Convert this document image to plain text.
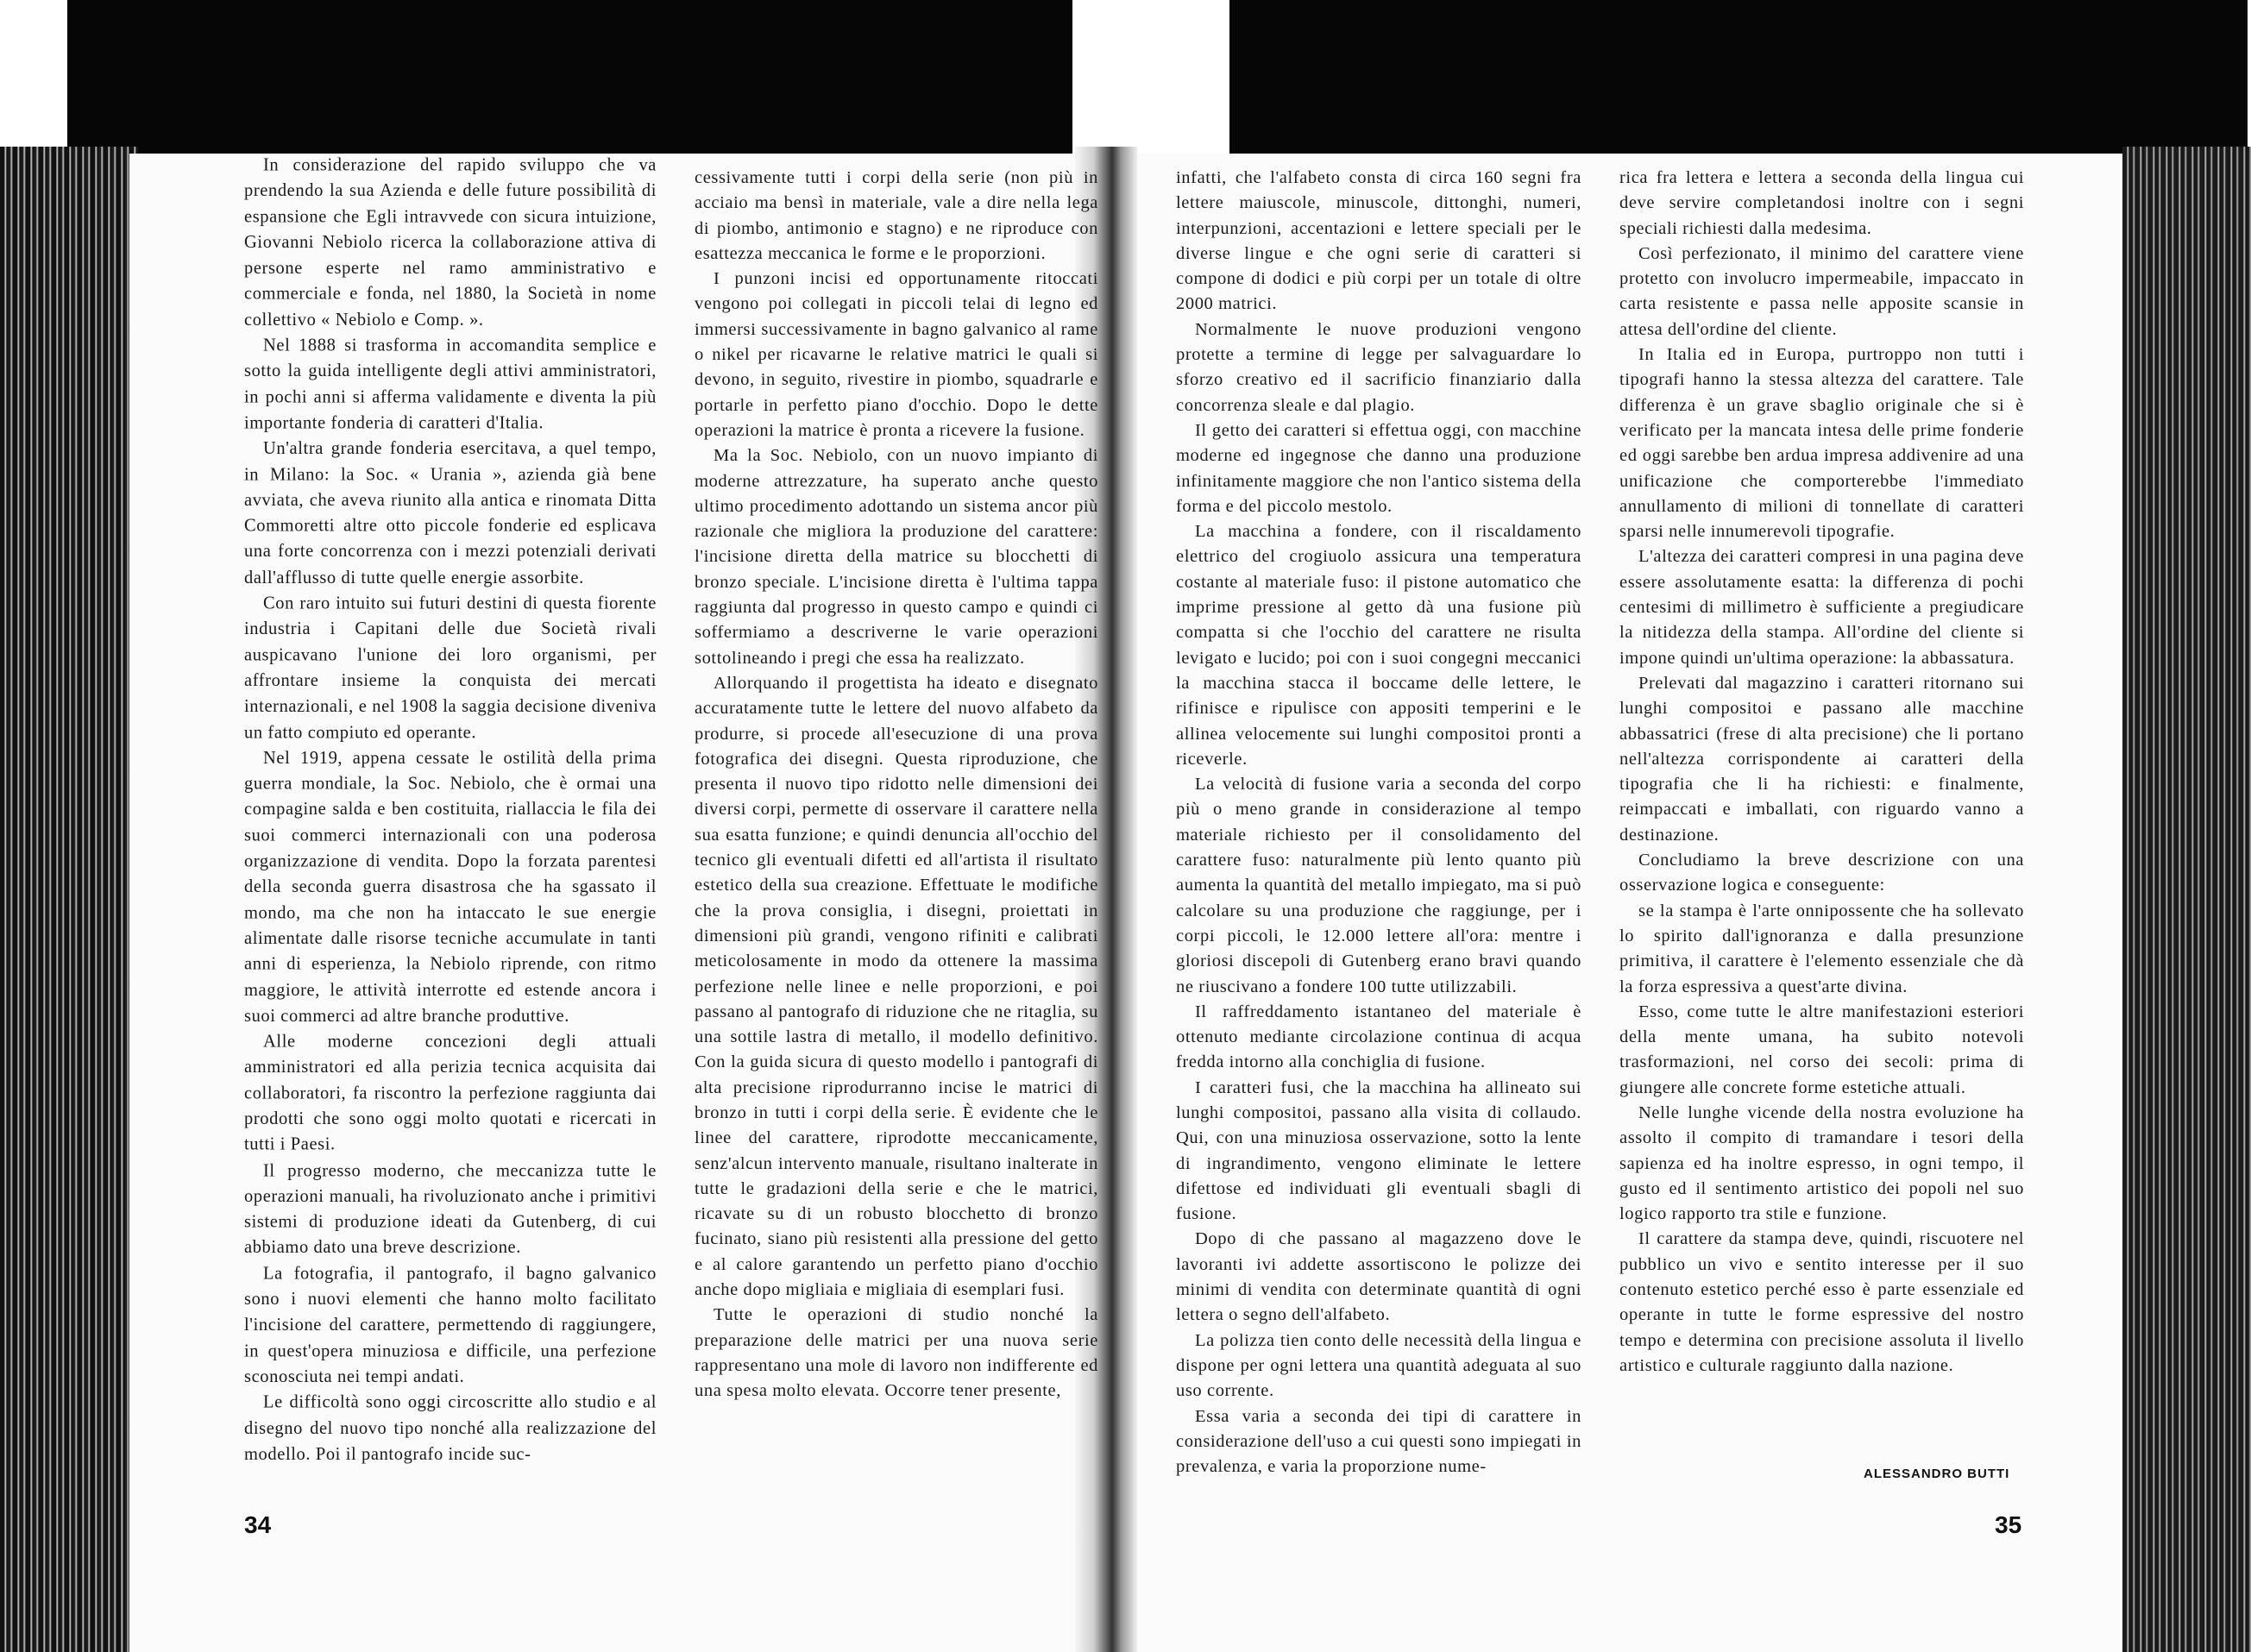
In considerazione del rapido sviluppo che va prendendo la sua Azienda e delle future possibilità di espansione che Egli intravvede con sicura intuizione, Giovanni Nebiolo ricerca la collaborazione attiva di persone esperte nel ramo amministrativo e commerciale e fonda, nel 1880, la Società in nome collettivo « Nebiolo e Comp. ».

Nel 1888 si trasforma in accomandita semplice e sotto la guida intelligente degli attivi amministratori, in pochi anni si afferma validamente e diventa la più importante fonderia di caratteri d'Italia.

Un'altra grande fonderia esercitava, a quel tempo, in Milano: la Soc. « Urania », azienda già bene avviata, che aveva riunito alla antica e rinomata Ditta Commoretti altre otto piccole fonderie ed esplicava una forte concorrenza con i mezzi potenziali derivati dall'afflusso di tutte quelle energie assorbite.

Con raro intuito sui futuri destini di questa fiorente industria i Capitani delle due Società rivali auspicavano l'unione dei loro organismi, per affrontare insieme la conquista dei mercati internazionali, e nel 1908 la saggia decisione diveniva un fatto compiuto ed operante.

Nel 1919, appena cessate le ostilità della prima guerra mondiale, la Soc. Nebiolo, che è ormai una compagine salda e ben costituita, riallaccia le fila dei suoi commerci internazionali con una poderosa organizzazione di vendita. Dopo la forzata parentesi della seconda guerra disastrosa che ha sgassato il mondo, ma che non ha intaccato le sue energie alimentate dalle risorse tecniche accumulate in tanti anni di esperienza, la Nebiolo riprende, con ritmo maggiore, le attività interrotte ed estende ancora i suoi commerci ad altre branche produttive.

Alle moderne concezioni degli attuali amministratori ed alla perizia tecnica acquisita dai collaboratori, fa riscontro la perfezione raggiunta dai prodotti che sono oggi molto quotati e ricercati in tutti i Paesi.

Il progresso moderno, che meccanizza tutte le operazioni manuali, ha rivoluzionato anche i primitivi sistemi di produzione ideati da Gutenberg, di cui abbiamo dato una breve descrizione.

La fotografia, il pantografo, il bagno galvanico sono i nuovi elementi che hanno molto facilitato l'incisione del carattere, permettendo di raggiungere, in quest'opera minuziosa e difficile, una perfezione sconosciuta nei tempi andati.

Le difficoltà sono oggi circoscritte allo studio e al disegno del nuovo tipo nonché alla realizzazione del modello. Poi il pantografo incide suc-

cessivamente tutti i corpi della serie (non più in acciaio ma bensì in materiale, vale a dire nella lega di piombo, antimonio e stagno) e ne riproduce con esattezza meccanica le forme e le proporzioni.

I punzoni incisi ed opportunamente ritoccati vengono poi collegati in piccoli telai di legno ed immersi successivamente in bagno galvanico al rame o nikel per ricavarne le relative matrici le quali si devono, in seguito, rivestire in piombo, squadrarle e portarle in perfetto piano d'occhio. Dopo le dette operazioni la matrice è pronta a ricevere la fusione.

Ma la Soc. Nebiolo, con un nuovo impianto di moderne attrezzature, ha superato anche questo ultimo procedimento adottando un sistema ancor più razionale che migliora la produzione del carattere: l'incisione diretta della matrice su blocchetti di bronzo speciale. L'incisione diretta è l'ultima tappa raggiunta dal progresso in questo campo e quindi ci soffermiamo a descriverne le varie operazioni sottolineando i pregi che essa ha realizzato.

Allorquando il progettista ha ideato e disegnato accuratamente tutte le lettere del nuovo alfabeto da produrre, si procede all'esecuzione di una prova fotografica dei disegni. Questa riproduzione, che presenta il nuovo tipo ridotto nelle dimensioni dei diversi corpi, permette di osservare il carattere nella sua esatta funzione; e quindi denuncia all'occhio del tecnico gli eventuali difetti ed all'artista il risultato estetico della sua creazione. Effettuate le modifiche che la prova consiglia, i disegni, proiettati in dimensioni più grandi, vengono rifiniti e calibrati meticolosamente in modo da ottenere la massima perfezione nelle linee e nelle proporzioni, e poi passano al pantografo di riduzione che ne ritaglia, su una sottile lastra di metallo, il modello definitivo. Con la guida sicura di questo modello i pantografi di alta precisione riprodurranno incise le matrici di bronzo in tutti i corpi della serie. È evidente che le linee del carattere, riprodotte meccanicamente, senz'alcun intervento manuale, risultano inalterate in tutte le gradazioni della serie e che le matrici, ricavate su di un robusto blocchetto di bronzo fucinato, siano più resistenti alla pressione del getto e al calore garantendo un perfetto piano d'occhio anche dopo migliaia e migliaia di esemplari fusi.

Tutte le operazioni di studio nonché la preparazione delle matrici per una nuova serie rappresentano una mole di lavoro non indifferente ed una spesa molto elevata. Occorre tener presente,

infatti, che l'alfabeto consta di circa 160 segni fra lettere maiuscole, minuscole, dittonghi, numeri, interpunzioni, accentazioni e lettere speciali per le diverse lingue e che ogni serie di caratteri si compone di dodici e più corpi per un totale di oltre 2000 matrici.

Normalmente le nuove produzioni vengono protette a termine di legge per salvaguardare lo sforzo creativo ed il sacrificio finanziario dalla concorrenza sleale e dal plagio.

Il getto dei caratteri si effettua oggi, con macchine moderne ed ingegnose che danno una produzione infinitamente maggiore che non l'antico sistema della forma e del piccolo mestolo.

La macchina a fondere, con il riscaldamento elettrico del crogiuolo assicura una temperatura costante al materiale fuso: il pistone automatico che imprime pressione al getto dà una fusione più compatta si che l'occhio del carattere ne risulta levigato e lucido; poi con i suoi congegni meccanici la macchina stacca il boccame delle lettere, le rifinisce e ripulisce con appositi temperini e le allinea velocemente sui lunghi compositoi pronti a riceverle.

La velocità di fusione varia a seconda del corpo più o meno grande in considerazione al tempo materiale richiesto per il consolidamento del carattere fuso: naturalmente più lento quanto più aumenta la quantità del metallo impiegato, ma si può calcolare su una produzione che raggiunge, per i corpi piccoli, le 12.000 lettere all'ora: mentre i gloriosi discepoli di Gutenberg erano bravi quando ne riuscivano a fondere 100 tutte utilizzabili.

Il raffreddamento istantaneo del materiale è ottenuto mediante circolazione continua di acqua fredda intorno alla conchiglia di fusione.

I caratteri fusi, che la macchina ha allineato sui lunghi compositoi, passano alla visita di collaudo. Qui, con una minuziosa osservazione, sotto la lente di ingrandimento, vengono eliminate le lettere difettose ed individuati gli eventuali sbagli di fusione.

Dopo di che passano al magazzeno dove le lavoranti ivi addette assortiscono le polizze dei minimi di vendita con determinate quantità di ogni lettera o segno dell'alfabeto.

La polizza tien conto delle necessità della lingua e dispone per ogni lettera una quantità adeguata al suo uso corrente.

Essa varia a seconda dei tipi di carattere in considerazione dell'uso a cui questi sono impiegati in prevalenza, e varia la proporzione nume-

rica fra lettera e lettera a seconda della lingua cui deve servire completandosi inoltre con i segni speciali richiesti dalla medesima.

Così perfezionato, il minimo del carattere viene protetto con involucro impermeabile, impaccato in carta resistente e passa nelle apposite scansie in attesa dell'ordine del cliente.

In Italia ed in Europa, purtroppo non tutti i tipografi hanno la stessa altezza del carattere. Tale differenza è un grave sbaglio originale che si è verificato per la mancata intesa delle prime fonderie ed oggi sarebbe ben ardua impresa addivenire ad una unificazione che comporterebbe l'immediato annullamento di milioni di tonnellate di caratteri sparsi nelle innumerevoli tipografie.

L'altezza dei caratteri compresi in una pagina deve essere assolutamente esatta: la differenza di pochi centesimi di millimetro è sufficiente a pregiudicare la nitidezza della stampa. All'ordine del cliente si impone quindi un'ultima operazione: la abbassatura.

Prelevati dal magazzino i caratteri ritornano sui lunghi compositoi e passano alle macchine abbassatrici (frese di alta precisione) che li portano nell'altezza corrispondente ai caratteri della tipografia che li ha richiesti: e finalmente, reimpaccati e imballati, con riguardo vanno a destinazione.

Concludiamo la breve descrizione con una osservazione logica e conseguente:

se la stampa è l'arte onnipossente che ha sollevato lo spirito dall'ignoranza e dalla presunzione primitiva, il carattere è l'elemento essenziale che dà la forza espressiva a quest'arte divina.

Esso, come tutte le altre manifestazioni esteriori della mente umana, ha subito notevoli trasformazioni, nel corso dei secoli: prima di giungere alle concrete forme estetiche attuali.

Nelle lunghe vicende della nostra evoluzione ha assolto il compito di tramandare i tesori della sapienza ed ha inoltre espresso, in ogni tempo, il gusto ed il sentimento artistico dei popoli nel suo logico rapporto tra stile e funzione.

Il carattere da stampa deve, quindi, riscuotere nel pubblico un vivo e sentito interesse per il suo contenuto estetico perché esso è parte essenziale ed operante in tutte le forme espressive del nostro tempo e determina con precisione assoluta il livello artistico e culturale raggiunto dalla nazione.

ALESSANDRO BUTTI
34	35
